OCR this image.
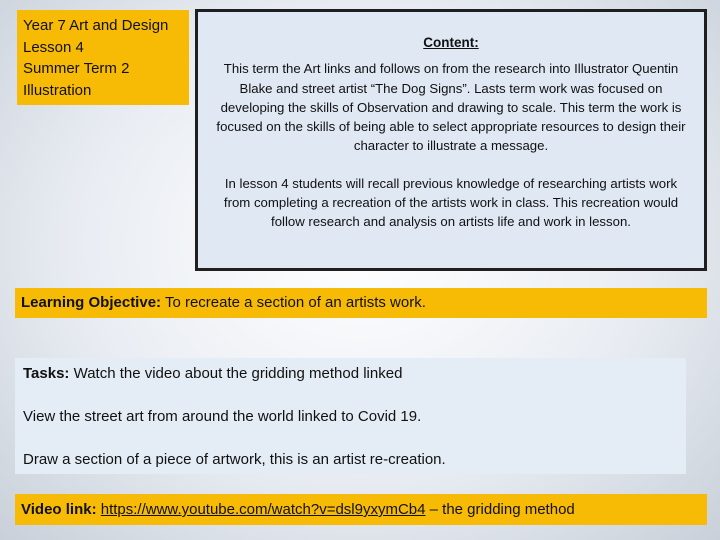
Year 7 Art and Design
Lesson 4
Summer Term 2
Illustration
Content:
This term the Art links and follows on from the research into Illustrator Quentin Blake and street artist “The Dog Signs”. Lasts term work was focused on developing the skills of Observation and drawing to scale. This term the work is focused on the skills of being able to select appropriate resources to design their character to illustrate a message.
In lesson 4 students will recall previous knowledge of researching artists work from completing a recreation of the artists work in class. This recreation would follow research and analysis on artists life and work in lesson.
Learning Objective: To recreate a section of an artists work.
Tasks: Watch the video about the gridding method linked
View the street art from around the world linked to Covid 19.
Draw a section of a piece of artwork, this is an artist re-creation.
Video link: https://www.youtube.com/watch?v=dsl9yxymCb4 – the gridding method
